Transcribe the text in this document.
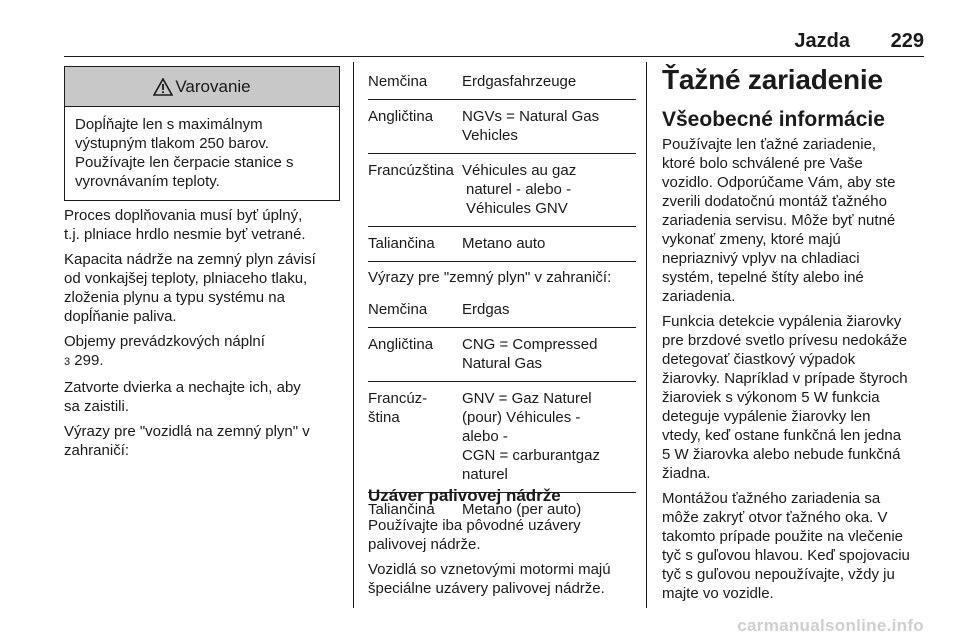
Jazda 229
Varovanie
Dopĺňajte len s maximálnym
výstupným tlakom 250 barov.
Používajte len čerpacie stanice s
vyrovnávaním teploty.

Proces doplňovania musí byť úplný,
t.j. plniace hrdlo nesmie byť vetrané.

Kapacita nádrže na zemný plyn závisí
od vonkajšej teploty, plniaceho tlaku,
zloženia plynu a typu systému na
dopĺňanie paliva.

Objemy prevádzkových náplní
3 299.

Zatvorte dvierka a nechajte ich, aby
sa zaistili.

Výrazy pre "vozidlá na zemný plyn" v
zahraničí:

Nemčina	Erdgasfahrzeuge
Angličtina	NGVs = Natural Gas
Vehicles
Francúzština Véhicules au gaz
naturel - alebo -
Véhicules GNV
Taliančina	Metano auto

Výrazy pre "zemný plyn" v zahraničí:

Nemčina	Erdgas
Angličtina	CNG = Compressed
Natural Gas
Francúz-
ština
GNV = Gaz Naturel
(pour) Véhicules -
alebo -
CGN = carburantgaz
naturel
Taliančina	Metano (per auto)
Uzáver palivovej nádrže

Používajte iba pôvodné uzávery
palivovej nádrže.

Vozidlá so vznetovými motormi majú
špeciálne uzávery palivovej nádrže.

Ťažné zariadenie
Všeobecné informácie

Používajte len ťažné zariadenie,
ktoré bolo schválené pre Vaše
vozidlo. Odporúčame Vám, aby ste
zverili dodatočnú montáž ťažného
zariadenia servisu. Môže byť nutné
vykonať zmeny, ktoré majú
nepriaznivý vplyv na chladiaci
systém, tepelné štíty alebo iné
zariadenia.

Funkcia detekcie vypálenia žiarovky
pre brzdové svetlo prívesu nedokáže
detegovať čiastkový výpadok
žiarovky. Napríklad v prípade štyroch
žiaroviek s výkonom 5 W funkcia
deteguje vypálenie žiarovky len
vtedy, keď ostane funkčná len jedna
5 W žiarovka alebo nebude funkčná
žiadna.

Montážou ťažného zariadenia sa
môže zakryť otvor ťažného oka. V
takomto prípade použite na vlečenie
tyč s guľovou hlavou. Keď spojovaciu
tyč s guľovou nepoužívajte, vždy ju
majte vo vozidle.

carmanualsonline.info
